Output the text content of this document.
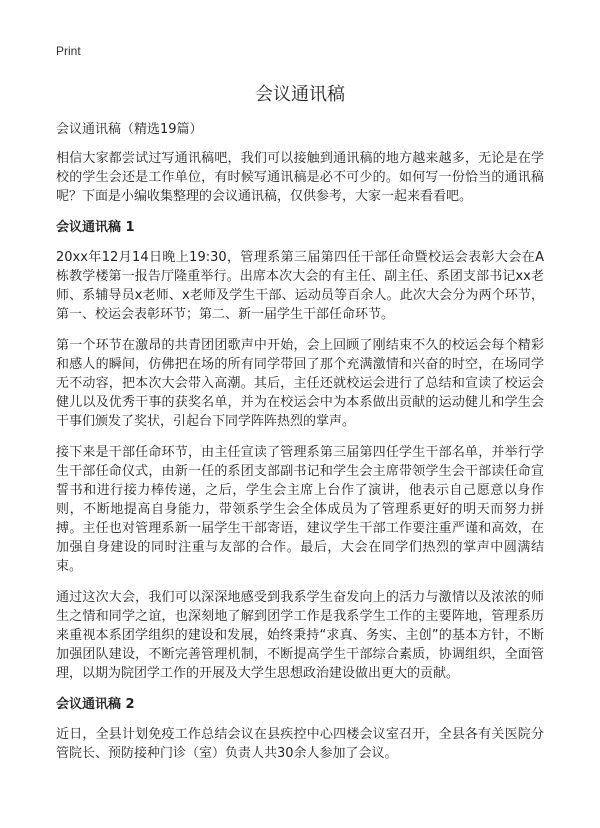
Print
会议通讯稿

会议通讯稿（精选19篇）

相信大家都尝试过写通讯稿吧，我们可以接触到通讯稿的地方越来越多，无论是在学校的学生会还是工作单位，有时候写通讯稿是必不可少的。如何写一份恰当的通讯稿呢？下面是小编收集整理的会议通讯稿，仅供参考，大家一起来看看吧。

会议通讯稿 1

20xx年12月14日晚上19:30，管理系第三届第四任干部任命暨校运会表彰大会在A栋教学楼第一报告厅隆重举行。出席本次大会的有主任、副主任、系团支部书记xx老师、系辅导员x老师、x老师及学生干部、运动员等百余人。此次大会分为两个环节，第一、校运会表彰环节；第二、新一届学生干部任命环节。

第一个环节在激昂的共青团团歌声中开始，会上回顾了刚结束不久的校运会每个精彩和感人的瞬间，仿佛把在场的所有同学带回了那个充满激情和兴奋的时空，在场同学无不动容，把本次大会带入高潮。其后，主任还就校运会进行了总结和宣读了校运会健儿以及优秀干事的获奖名单，并为在校运会中为本系做出贡献的运动健儿和学生会干事们颁发了奖状，引起台下同学阵阵热烈的掌声。

接下来是干部任命环节，由主任宣读了管理系第三届第四任学生干部名单，并举行学生干部任命仪式，由新一任的系团支部副书记和学生会主席带领学生会干部读任命宣誓书和进行接力棒传递，之后，学生会主席上台作了演讲，他表示自己愿意以身作则，不断地提高自身能力，带领系学生会全体成员为了管理系更好的明天而努力拼搏。主任也对管理系新一届学生干部寄语，建议学生干部工作要注重严谨和高效，在加强自身建设的同时注重与友部的合作。最后，大会在同学们热烈的掌声中圆满结束。

通过这次大会，我们可以深深地感受到我系学生奋发向上的活力与激情以及浓浓的师生之情和同学之谊，也深刻地了解到团学工作是我系学生工作的主要阵地，管理系历来重视本系团学组织的建设和发展，始终秉持“求真、务实、主创”的基本方针，不断加强团队建设，不断完善管理机制，不断提高学生干部综合素质，协调组织，全面管理，以期为院团学工作的开展及大学生思想政治建设做出更大的贡献。

会议通讯稿 2

近日，全县计划免疫工作总结会议在县疾控中心四楼会议室召开，全县各有关医院分管院长、预防接种门诊（室）负责人共30余人参加了会议。
